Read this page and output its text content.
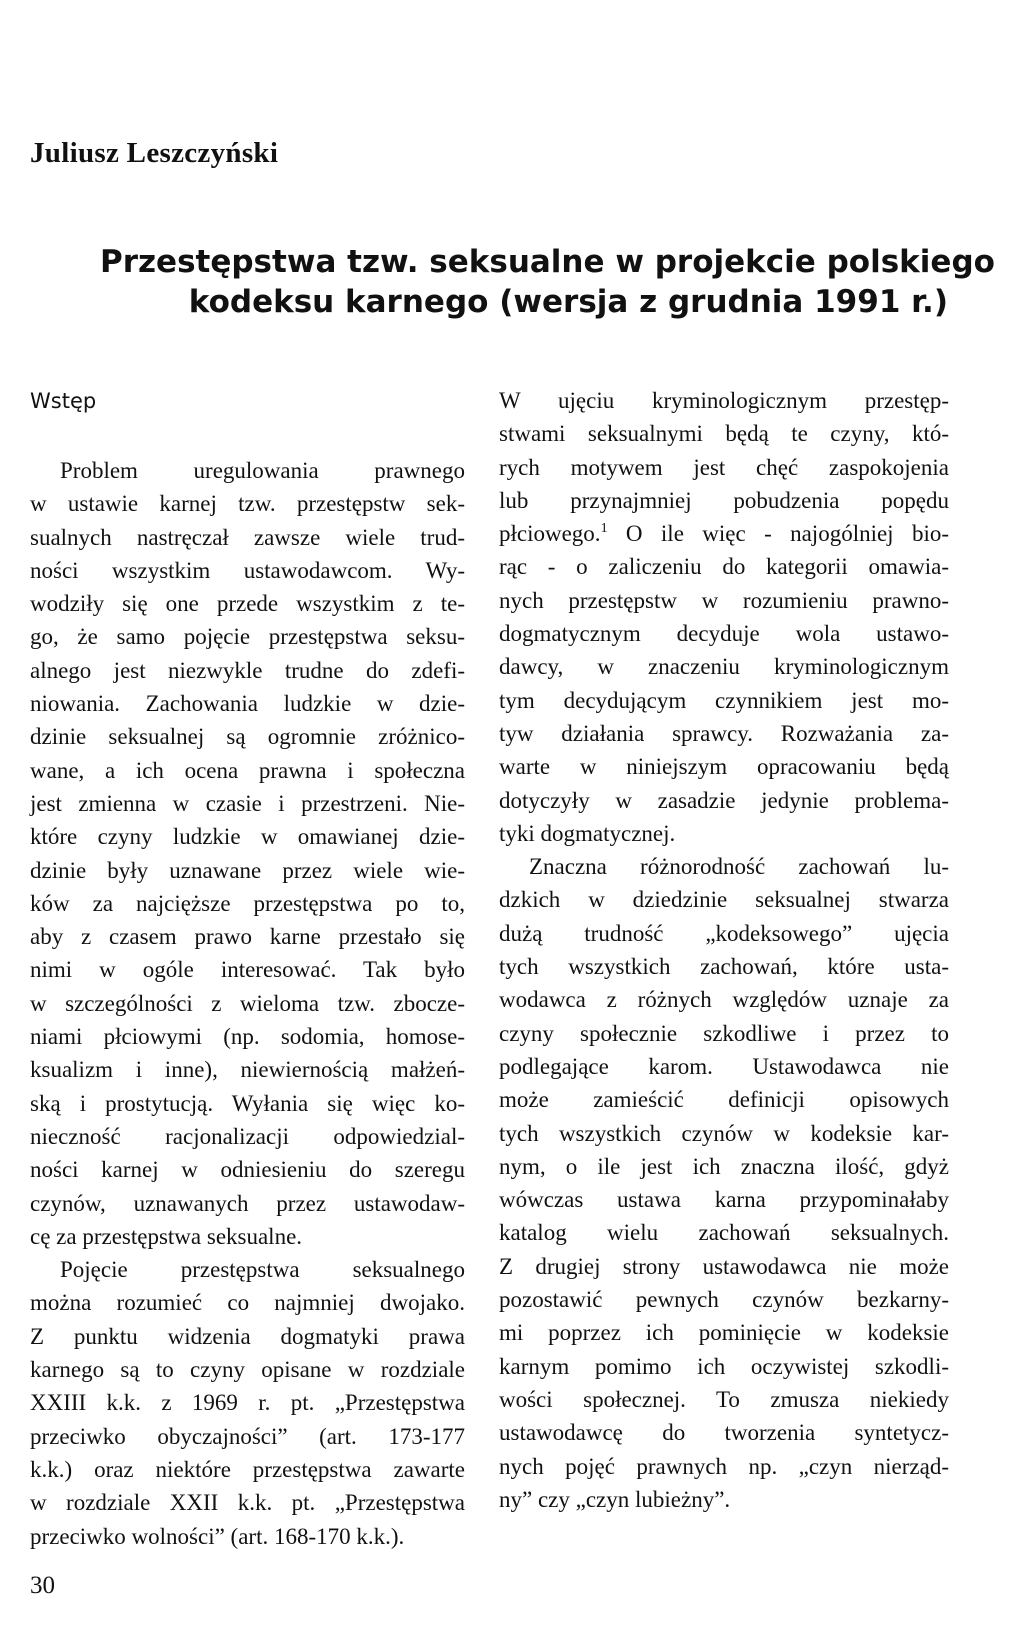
Juliusz Leszczyński
Przestępstwa tzw. seksualne w projekcie polskiego
kodeksu karnego (wersja z grudnia 1991 r.)
Wstęp

Problem uregulowania prawnego
w ustawie karnej tzw. przestępstw sek-
sualnych nastręczał zawsze wiele trud-
ności wszystkim ustawodawcom. Wy-
wodziły się one przede wszystkim z te-
go, że samo pojęcie przestępstwa seksu-
alnego jest niezwykle trudne do zdefi-
niowania. Zachowania ludzkie w dzie-
dzinie seksualnej są ogromnie zróżnico-
wane, a ich ocena prawna i społeczna
jest zmienna w czasie i przestrzeni. Nie-
które czyny ludzkie w omawianej dzie-
dzinie były uznawane przez wiele wie-
ków za najcięższe przestępstwa po to,
aby z czasem prawo karne przestało się
nimi w ogóle interesować. Tak było
w szczególności z wieloma tzw. zbocze-
niami płciowymi (np. sodomia, homose-
ksualizm i inne), niewiernością małżeń-
ską i prostytucją. Wyłania się więc ko-
nieczność racjonalizacji odpowiedzial-
ności karnej w odniesieniu do szeregu
czynów, uznawanych przez ustawodaw-
cę za przestępstwa seksualne.

Pojęcie przestępstwa seksualnego
można rozumieć co najmniej dwojako.
Z punktu widzenia dogmatyki prawa
karnego są to czyny opisane w rozdziale
XXIII k.k. z 1969 r. pt. „Przestępstwa
przeciwko obyczajności” (art. 173-177
k.k.) oraz niektóre przestępstwa zawarte
w rozdziale XXII k.k. pt. „Przestępstwa
przeciwko wolności” (art. 168-170 k.k.).

W ujęciu kryminologicznym przestęp-
stwami seksualnymi będą te czyny, któ-
rych motywem jest chęć zaspokojenia
lub przynajmniej pobudzenia popędu
płciowego.$^1$ O ile więc - najogólniej bio-
rąc - o zaliczeniu do kategorii omawia-
nych przestępstw w rozumieniu prawno-
dogmatycznym decyduje wola ustawo-
dawcy, w znaczeniu kryminologicznym
tym decydującym czynnikiem jest mo-
tyw działania sprawcy. Rozważania za-
warte w niniejszym opracowaniu będą
dotyczyły w zasadzie jedynie problema-
tyki dogmatycznej.

Znaczna różnorodność zachowań lu-
dzkich w dziedzinie seksualnej stwarza
dużą trudność „kodeksowego” ujęcia
tych wszystkich zachowań, które usta-
wodawca z różnych względów uznaje za
czyny społecznie szkodliwe i przez to
podlegające karom. Ustawodawca nie
może zamieścić definicji opisowych
tych wszystkich czynów w kodeksie kar-
nym, o ile jest ich znaczna ilość, gdyż
wówczas ustawa karna przypominałaby
katalog wielu zachowań seksualnych.
Z drugiej strony ustawodawca nie może
pozostawić pewnych czynów bezkarny-
mi poprzez ich pominięcie w kodeksie
karnym pomimo ich oczywistej szkodli-
wości społecznej. To zmusza niekiedy
ustawodawcę do tworzenia syntetycz-
nych pojęć prawnych np. „czyn nierząd-
ny” czy „czyn lubieżny”.

30
